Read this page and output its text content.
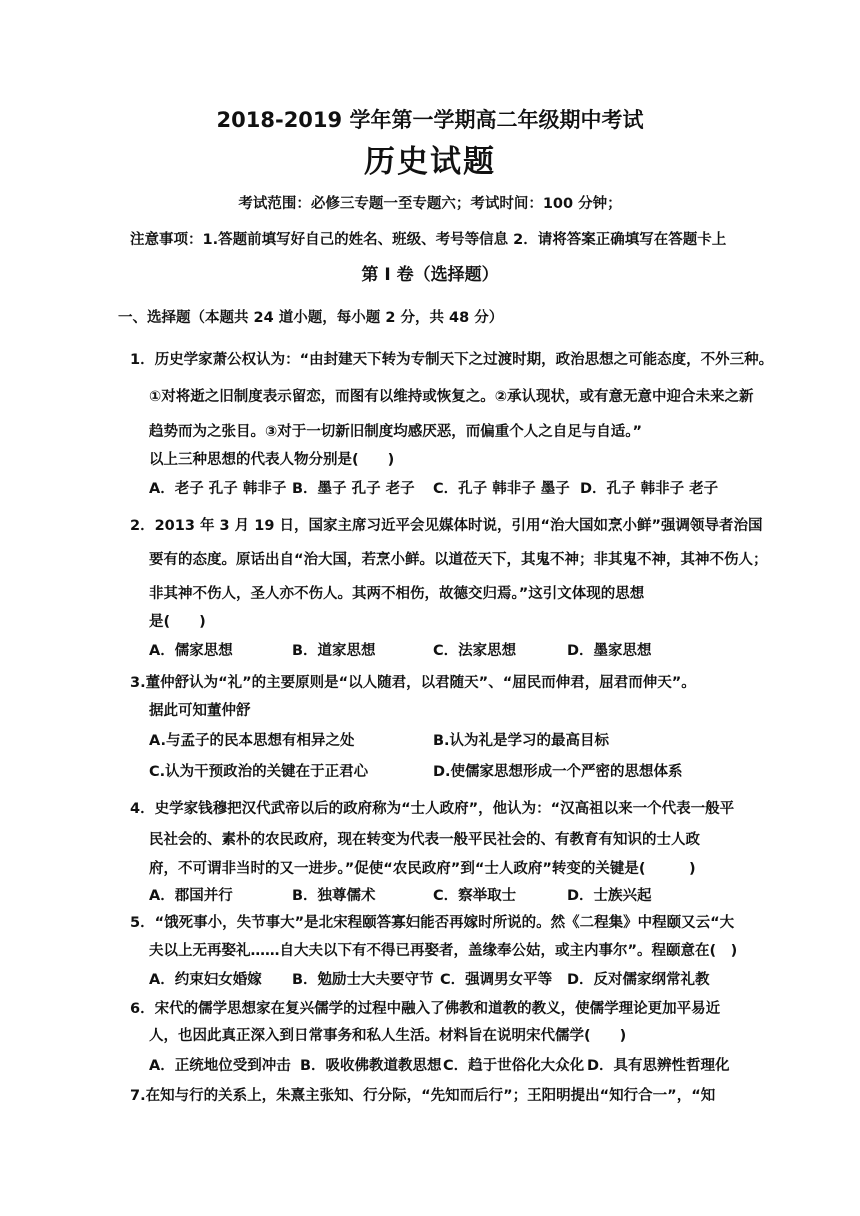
2018-2019 学年第一学期高二年级期中考试
历史试题
考试范围：必修三专题一至专题六；考试时间：100 分钟；
注意事项：1.答题前填写好自己的姓名、班级、考号等信息 2．请将答案正确填写在答题卡上
第 I 卷（选择题）
一、选择题（本题共 24 道小题，每小题 2 分，共 48 分）
1．历史学家萧公权认为：“由封建天下转为专制天下之过渡时期，政治思想之可能态度，不外三种。
①对将逝之旧制度表示留恋，而图有以维持或恢复之。②承认现状，或有意无意中迎合未来之新
趋势而为之张目。③对于一切新旧制度均感厌恶，而偏重个人之自足与自适。”
以上三种思想的代表人物分别是(　　)
A．老子 孔子 韩非子 B．墨子 孔子 老子 C．孔子 韩非子 墨子 D．孔子 韩非子 老子
2．2013 年 3 月 19 日，国家主席习近平会见媒体时说，引用“治大国如烹小鲜”强调领导者治国
要有的态度。原话出自“治大国，若烹小鲜。以道莅天下，其鬼不神；非其鬼不神，其神不伤人；
非其神不伤人，圣人亦不伤人。其两不相伤，故德交归焉。”这引文体现的思想
是(　　)
A．儒家思想	B．道家思想	C．法家思想	D．墨家思想
3.董仲舒认为“礼”的主要原则是“以人随君，以君随天”、“屈民而伸君，屈君而伸天”。
据此可知董仲舒
A.与孟子的民本思想有相异之处	B.认为礼是学习的最高目标
C.认为干预政治的关键在于正君心	D.使儒家思想形成一个严密的思想体系
4．史学家钱穆把汉代武帝以后的政府称为“士人政府”，他认为：“汉高祖以来一个代表一般平
民社会的、素朴的农民政府，现在转变为代表一般平民社会的、有教育有知识的士人政
府，不可谓非当时的又一进步。”促使“农民政府”到“士人政府”转变的关键是(　　　)
A．郡国并行	B．独尊儒术	C．察举取士	D．士族兴起
5．“饿死事小，失节事大”是北宋程颐答寡妇能否再嫁时所说的。然《二程集》中程颐又云“大
夫以上无再娶礼……自大夫以下有不得已再娶者，盖缘奉公姑，或主内事尔”。程颐意在(　)
A．约束妇女婚嫁 B．勉励士大夫要守节 C．强调男女平等 D．反对儒家纲常礼教
6．宋代的儒学思想家在复兴儒学的过程中融入了佛教和道教的教义，使儒学理论更加平易近
人，也因此真正深入到日常事务和私人生活。材料旨在说明宋代儒学(　　)
A．正统地位受到冲击 B．吸收佛教道教思想 C．趋于世俗化大众化 D．具有思辨性哲理化
7.在知与行的关系上，朱熹主张知、行分际，“先知而后行”；王阳明提出“知行合一”，“知
